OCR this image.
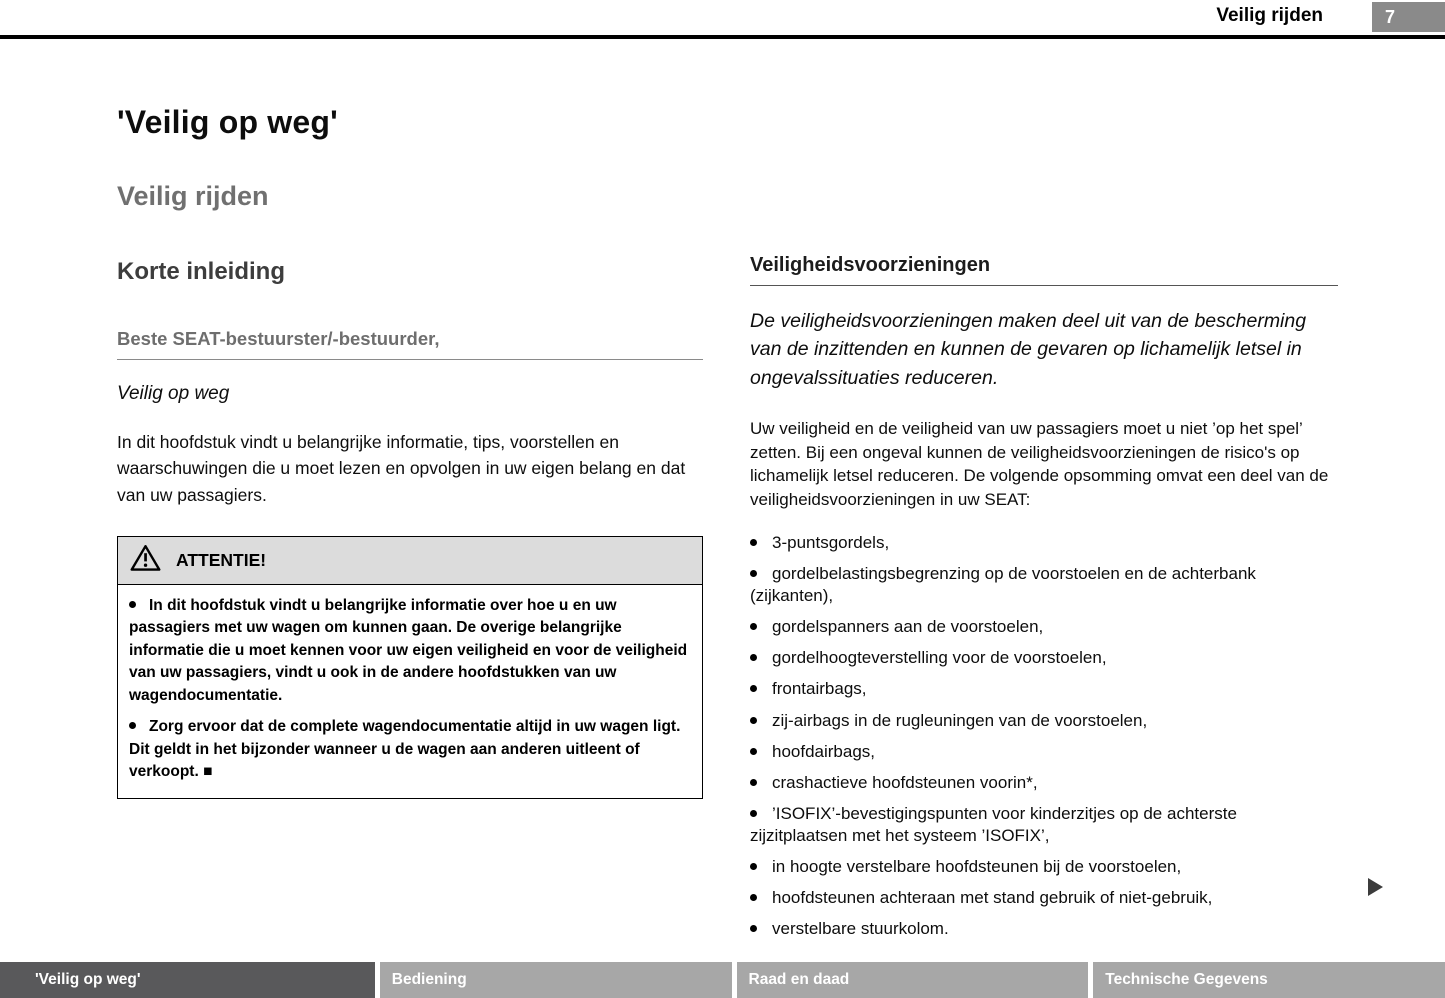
Veilig rijden	7
'Veilig op weg'
Veilig rijden
Korte inleiding
Beste SEAT-bestuurster/-bestuurder,
Veilig op weg

In dit hoofdstuk vindt u belangrijke informatie, tips, voorstellen en waarschuwingen die u moet lezen en opvolgen in uw eigen belang en dat van uw passagiers.

ATTENTIE!
In dit hoofdstuk vindt u belangrijke informatie over hoe u en uw passagiers met uw wagen om kunnen gaan. De overige belangrijke informatie die u moet kennen voor uw eigen veiligheid en voor de veiligheid van uw passagiers, vindt u ook in de andere hoofdstukken van uw wagendocumentatie.
Zorg ervoor dat de complete wagendocumentatie altijd in uw wagen ligt. Dit geldt in het bijzonder wanneer u de wagen aan anderen uitleent of verkoopt. ■
Veiligheidsvoorzieningen
De veiligheidsvoorzieningen maken deel uit van de bescherming van de inzittenden en kunnen de gevaren op lichamelijk letsel in ongevalssituaties reduceren.

Uw veiligheid en de veiligheid van uw passagiers moet u niet ’op het spel’ zetten. Bij een ongeval kunnen de veiligheidsvoorzieningen de risico's op lichamelijk letsel reduceren. De volgende opsomming omvat een deel van de veiligheidsvoorzieningen in uw SEAT:

3-puntsgordels,
gordelbelastingsbegrenzing op de voorstoelen en de achterbank (zijkanten),
gordelspanners aan de voorstoelen,
gordelhoogteverstelling voor de voorstoelen,
frontairbags,
zij-airbags in de rugleuningen van de voorstoelen,
hoofdairbags,
crashactieve hoofdsteunen voorin*,
’ISOFIX’-bevestigingspunten voor kinderzitjes op de achterste zijzitplaatsen met het systeem ’ISOFIX’,
in hoogte verstelbare hoofdsteunen bij de voorstoelen,
hoofdsteunen achteraan met stand gebruik of niet-gebruik,
verstelbare stuurkolom.
'Veilig op weg'	Bediening	Raad en daad	Technische Gegevens
